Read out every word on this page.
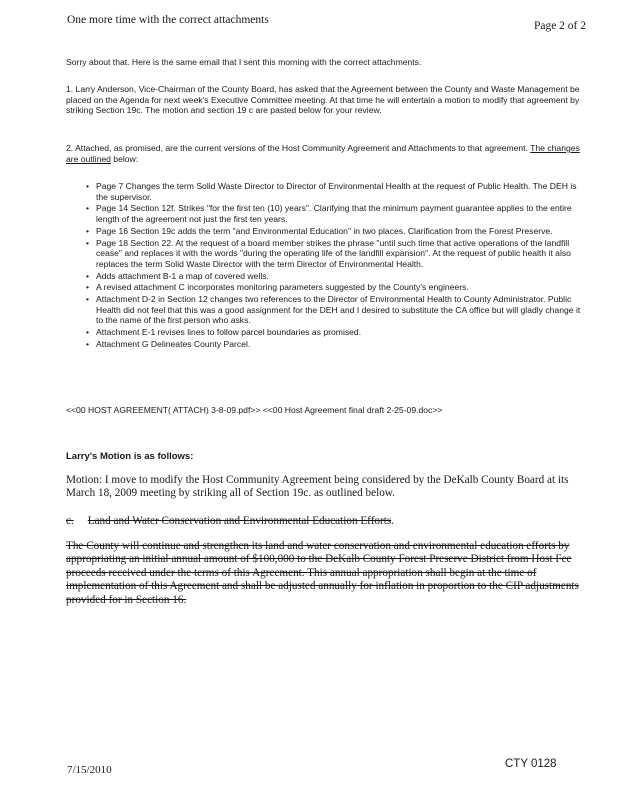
One more time with the correct attachments	Page 2 of 2

Sorry about that. Here is the same email that I sent this morning with the correct attachments.

1. Larry Anderson, Vice-Chairman of the County Board, has asked that the Agreement between the County and Waste Management be placed on the Agenda for next week's Executive Committee meeting. At that time he will entertain a motion to modify that agreement by striking Section 19c. The motion and section 19 c are pasted below for your review.

2. Attached, as promised, are the current versions of the Host Community Agreement and Attachments to that agreement. The changes are outlined below:

• Page 7 Changes the term Solid Waste Director to Director of Environmental Health at the request of Public Health. The DEH is the supervisor.
• Page 14 Section 12f. Strikes "for the first ten (10) years". Clarifying that the minimum payment guarantee applies to the entire length of the agreement not just the first ten years.
• Page 16 Section 19c adds the term "and Environmental Education" in two places. Clarification from the Forest Preserve.
• Page 18 Section 22. At the request of a board member strikes the phrase "until such time that active operations of the landfill cease" and replaces it with the words "during the operating life of the landfill expansion". At the request of public health it also replaces the term Solid Waste Director with the term Director of Environmental Health.
• Adds attachment B-1 a map of covered wells.
• A revised attachment C incorporates monitoring parameters suggested by the County's engineers.
• Attachment D-2 in Section 12 changes two references to the Director of Environmental Health to County Administrator. Public Health did not feel that this was a good assignment for the DEH and I desired to substitute the CA office but will gladly change it to the name of the first person who asks.
• Attachment E-1 revises lines to follow parcel boundaries as promised.
• Attachment G Delineates County Parcel.

<<00 HOST AGREEMENT( ATTACH) 3-8-09.pdf>> <<00 Host Agreement final draft 2-25-09.doc>>

Larry's Motion is as follows:

Motion: I move to modify the Host Community Agreement being considered by the DeKalb County Board at its March 18, 2009 meeting by striking all of Section 19c. as outlined below.

c. Land and Water Conservation and Environmental Education Efforts.

The County will continue and strengthen its land and water conservation and environmental education efforts by appropriating an initial annual amount of $100,000 to the DeKalb County Forest Preserve District from Host Fee proceeds received under the terms of this Agreement. This annual appropriation shall begin at the time of implementation of this Agreement and shall be adjusted annually for inflation in proportion to the CIP adjustments provided for in Section 16.

7/15/2010	CTY 0128
